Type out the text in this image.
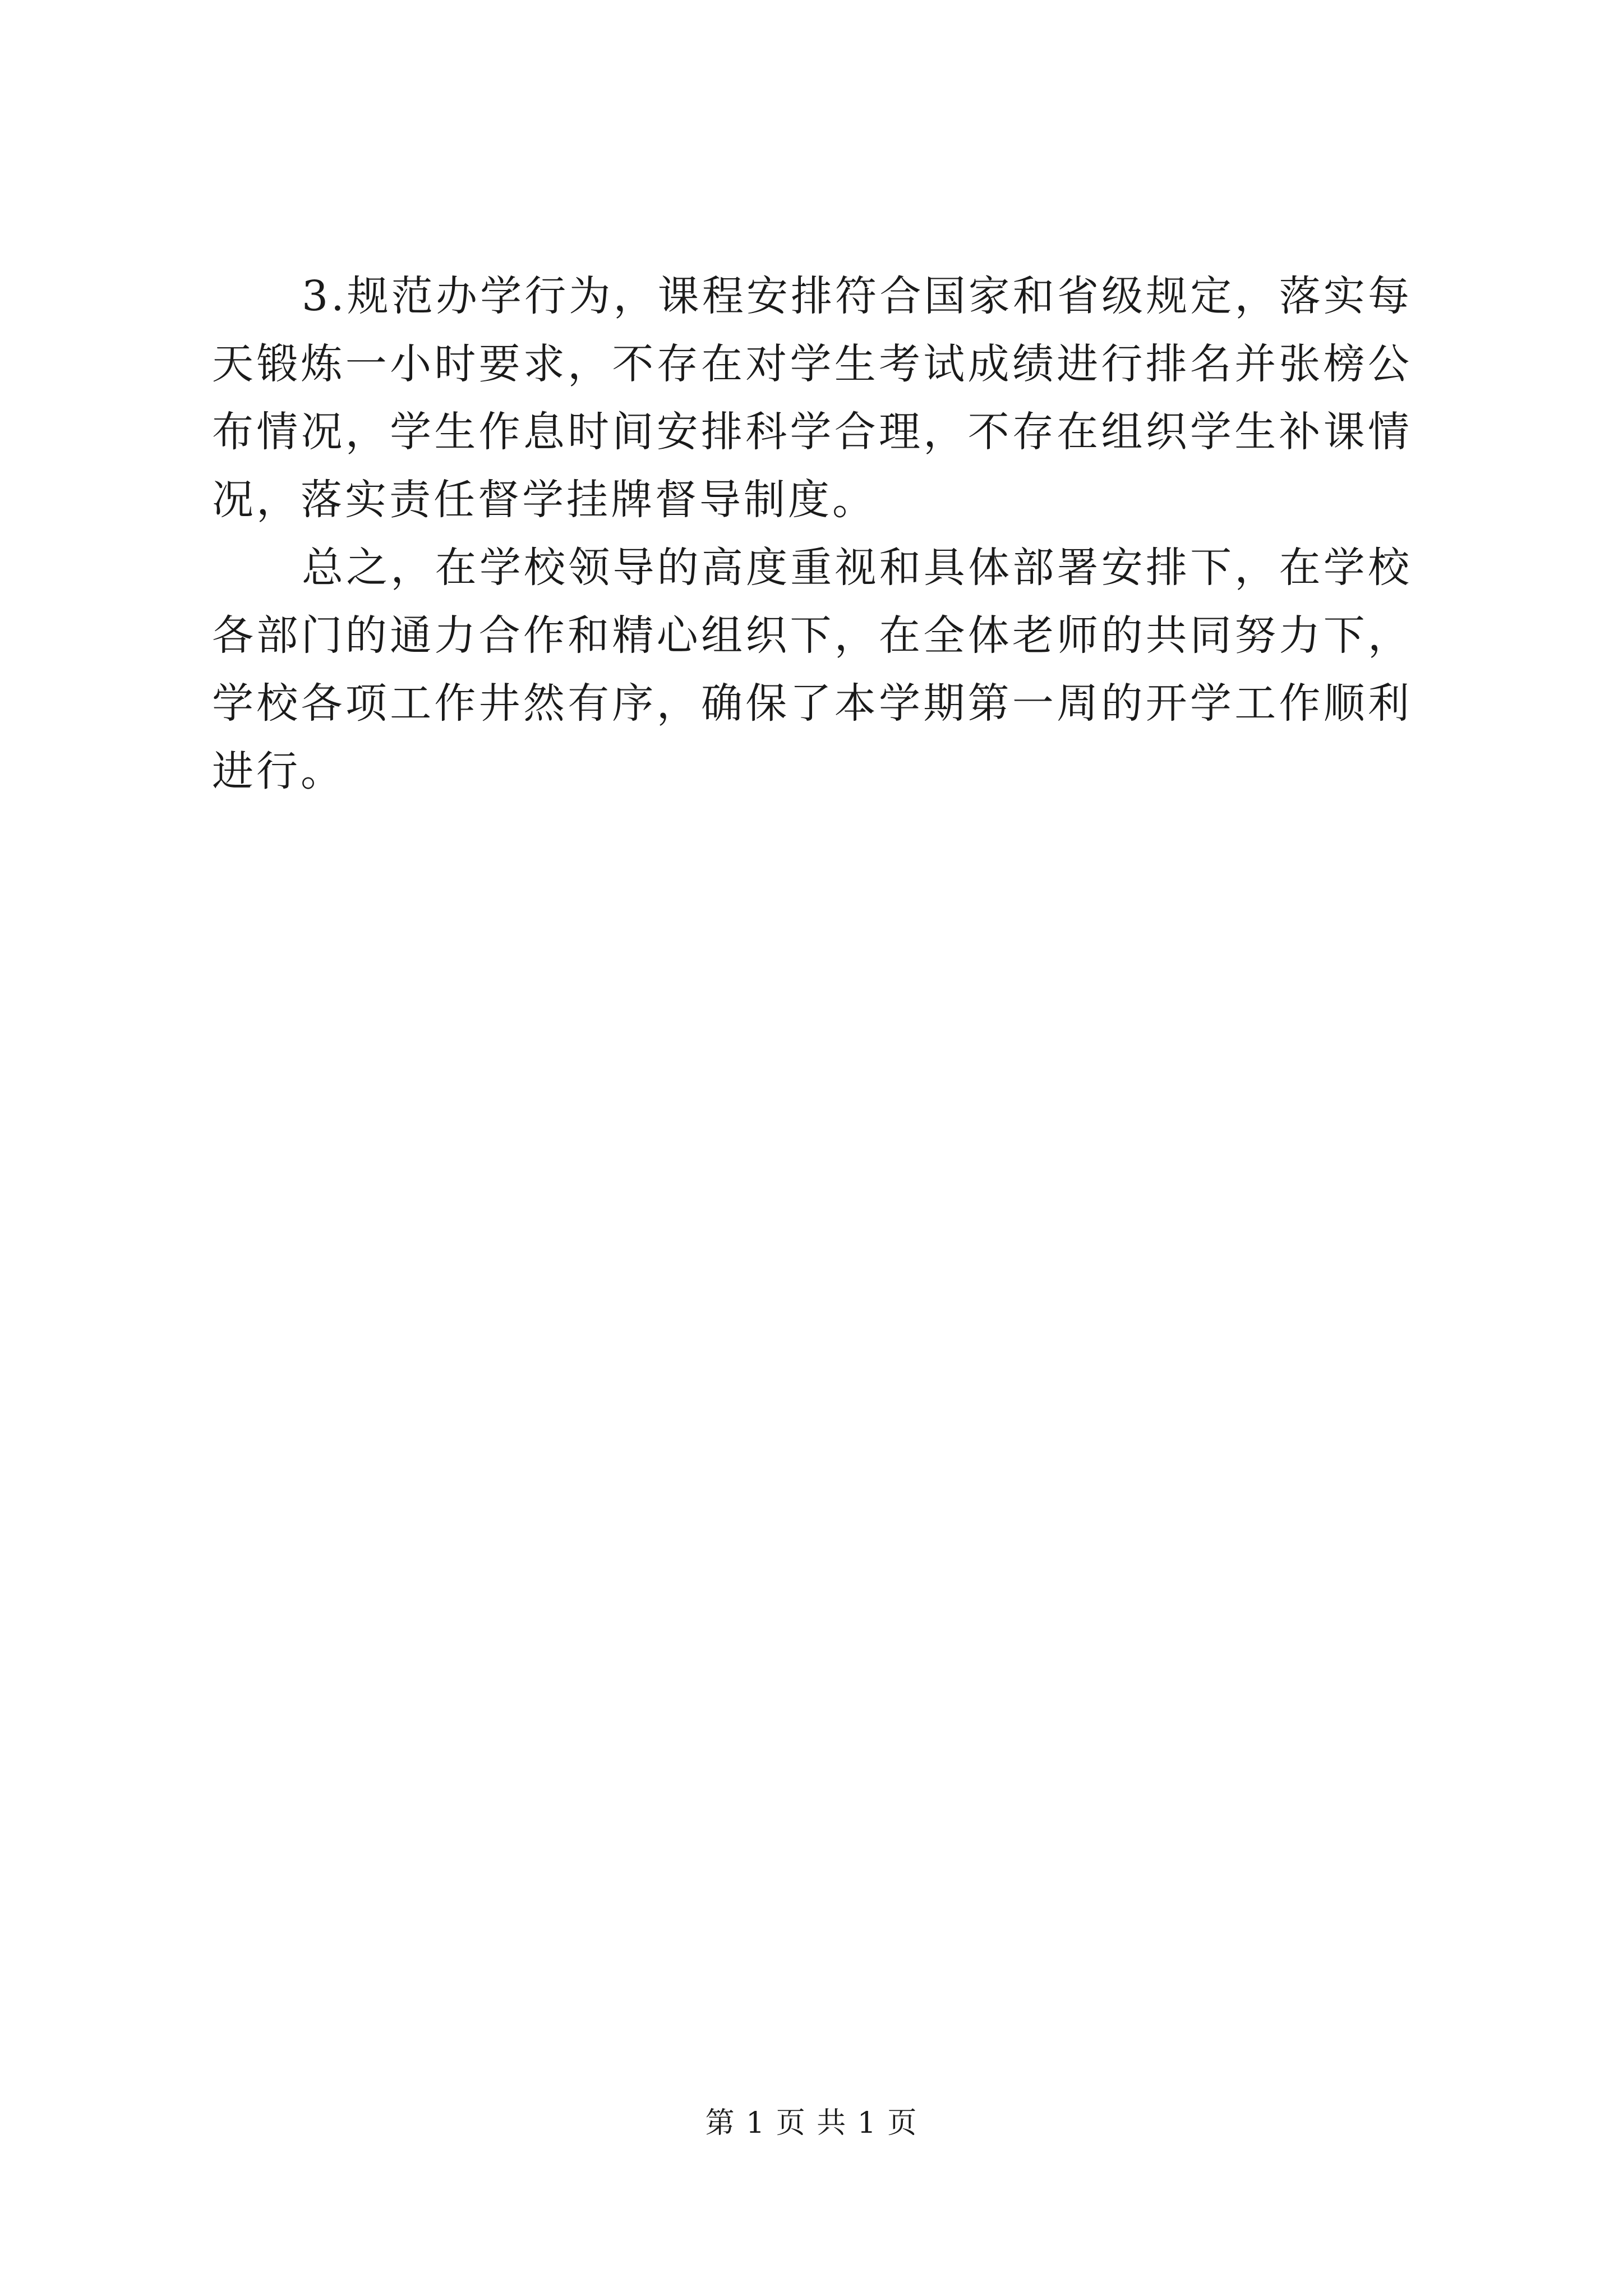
3.规范办学行为，课程安排符合国家和省级规定，落实每天锻炼一小时要求，不存在对学生考试成绩进行排名并张榜公布情况，学生作息时间安排科学合理，不存在组织学生补课情况，落实责任督学挂牌督导制度。

总之，在学校领导的高度重视和具体部署安排下，在学校各部门的通力合作和精心组织下，在全体老师的共同努力下，学校各项工作井然有序，确保了本学期第一周的开学工作顺利进行。

第 1 页 共 1 页
